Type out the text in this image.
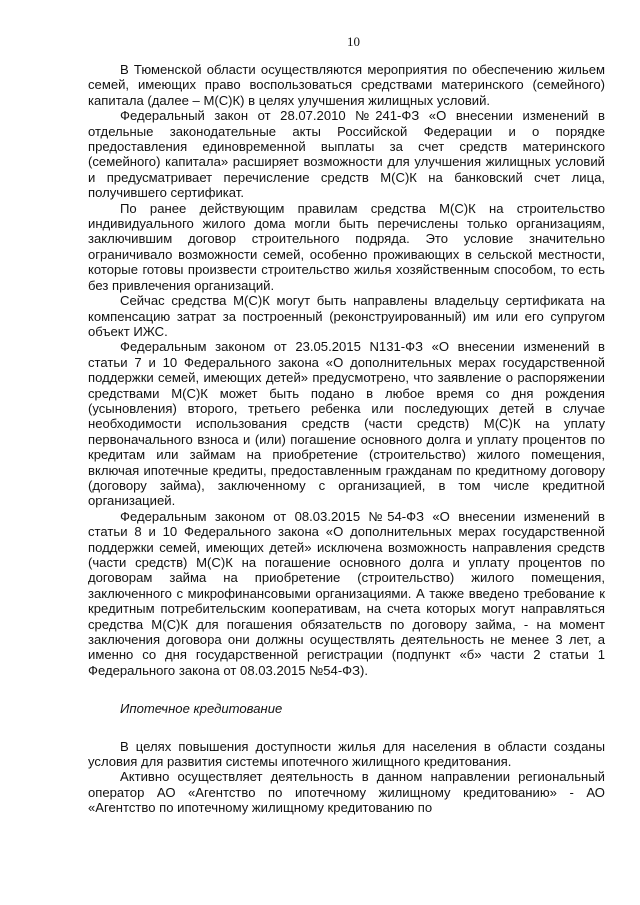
10

В Тюменской области осуществляются мероприятия по обеспечению жильем семей, имеющих право воспользоваться средствами материнского (семейного) капитала (далее – М(С)К) в целях улучшения жилищных условий.

Федеральный закон от 28.07.2010 №241-ФЗ «О внесении изменений в отдельные законодательные акты Российской Федерации и о порядке предоставления единовременной выплаты за счет средств материнского (семейного) капитала» расширяет возможности для улучшения жилищных условий и предусматривает перечисление средств М(С)К на банковский счет лица, получившего сертификат.

По ранее действующим правилам средства М(С)К на строительство индивидуального жилого дома могли быть перечислены только организациям, заключившим договор строительного подряда. Это условие значительно ограничивало возможности семей, особенно проживающих в сельской местности, которые готовы произвести строительство жилья хозяйственным способом, то есть без привлечения организаций.

Сейчас средства М(С)К могут быть направлены владельцу сертификата на компенсацию затрат за построенный (реконструированный) им или его супругом объект ИЖС.

Федеральным законом от 23.05.2015 N131-ФЗ «О внесении изменений в статьи 7 и 10 Федерального закона «О дополнительных мерах государственной поддержки семей, имеющих детей» предусмотрено, что заявление о распоряжении средствами М(С)К может быть подано в любое время со дня рождения (усыновления) второго, третьего ребенка или последующих детей в случае необходимости использования средств (части средств) М(С)К на уплату первоначального взноса и (или) погашение основного долга и уплату процентов по кредитам или займам на приобретение (строительство) жилого помещения, включая ипотечные кредиты, предоставленным гражданам по кредитному договору (договору займа), заключенному с организацией, в том числе кредитной организацией.

Федеральным законом от 08.03.2015 №54-ФЗ «О внесении изменений в статьи 8 и 10 Федерального закона «О дополнительных мерах государственной поддержки семей, имеющих детей» исключена возможность направления средств (части средств) М(С)К на погашение основного долга и уплату процентов по договорам займа на приобретение (строительство) жилого помещения, заключенного с микрофинансовыми организациями. А также введено требование к кредитным потребительским кооперативам, на счета которых могут направляться средства М(С)К для погашения обязательств по договору займа, - на момент заключения договора они должны осуществлять деятельность не менее 3 лет, а именно со дня государственной регистрации (подпункт «б» части 2 статьи 1 Федерального закона от 08.03.2015 №54-ФЗ).

Ипотечное кредитование

В целях повышения доступности жилья для населения в области созданы условия для развития системы ипотечного жилищного кредитования.

Активно осуществляет деятельность в данном направлении региональный оператор АО «Агентство по ипотечному жилищному кредитованию» - АО «Агентство по ипотечному жилищному кредитованию по
